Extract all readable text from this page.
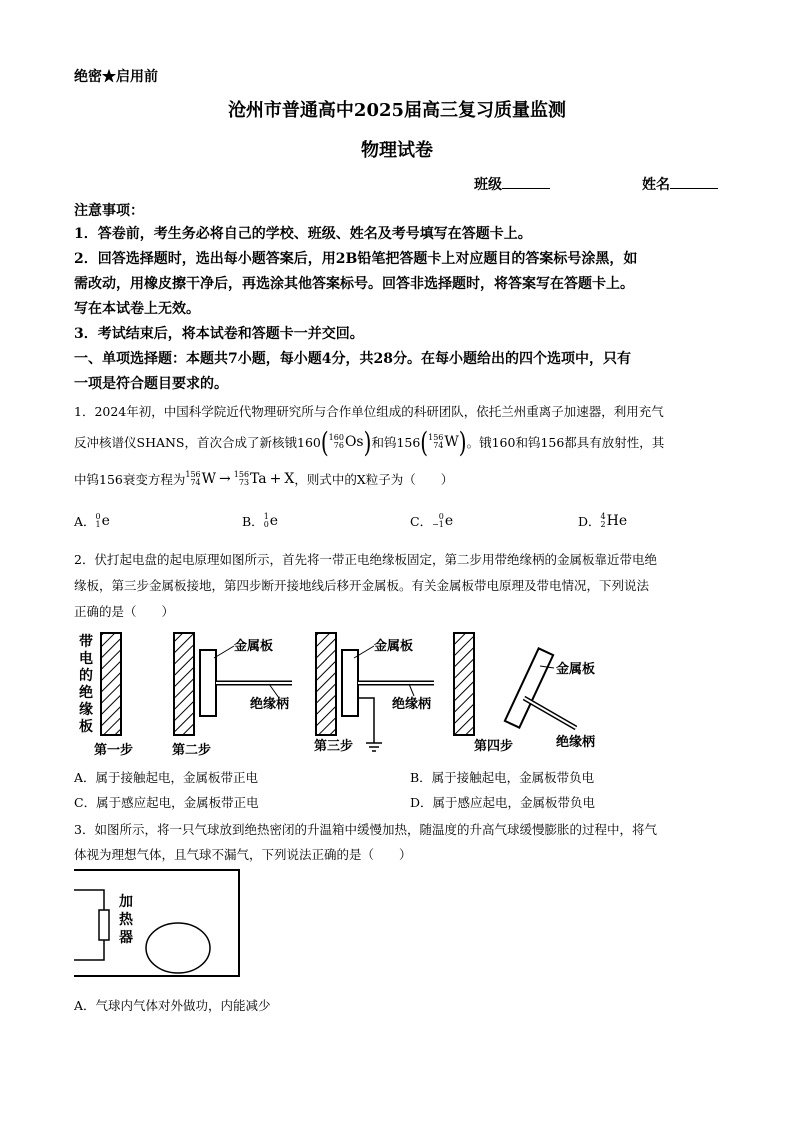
绝密★启用前
沧州市普通高中2025届高三复习质量监测
物理试卷
班级	姓名
注意事项：
1．答卷前，考生务必将自己的学校、班级、姓名及考号填写在答题卡上。
2．回答选择题时，选出每小题答案后，用2B铅笔把答题卡上对应题目的答案标号涂黑，如
需改动，用橡皮擦干净后，再选涂其他答案标号。回答非选择题时，将答案写在答题卡上。
写在本试卷上无效。
3．考试结束后，将本试卷和答题卡一并交回。
一、单项选择题：本题共7小题，每小题4分，共28分。在每小题给出的四个选项中，只有
一项是符合题目要求的。
1．2024年初，中国科学院近代物理研究所与合作单位组成的科研团队，依托兰州重离子加速器，利用充气
反冲核谱仪SHANS，首次合成了新核锇160 ( 160
76 Os ) 和钨156 ( 156
74 W ) 。锇160和钨156都具有放射性，其
中钨156衰变方程为 156
74 W → 156
73 Ta + X ，则式中的X粒子为（　　）
A． 0
1 e	B． 1
0 e	C． 0
−1 e	D． 4
2 He
2．伏打起电盘的起电原理如图所示，首先将一带正电绝缘板固定，第二步用带绝缘柄的金属板靠近带电绝
缘板，第三步金属板接地，第四步断开接地线后移开金属板。有关金属板带电原理及带电情况，下列说法
正确的是（　　）
带
电
的
绝
缘
板
金属板
绝缘柄
金属板
绝缘柄
金属板
绝缘柄
第一步	第二步	第三步	第四步
A．属于接触起电，金属板带正电	B．属于接触起电，金属板带负电
C．属于感应起电，金属板带正电	D．属于感应起电，金属板带负电
3．如图所示，将一只气球放到绝热密闭的升温箱中缓慢加热，随温度的升高气球缓慢膨胀的过程中，将气
体视为理想气体，且气球不漏气，下列说法正确的是（　　）
加
热
器
A．气球内气体对外做功，内能减少
